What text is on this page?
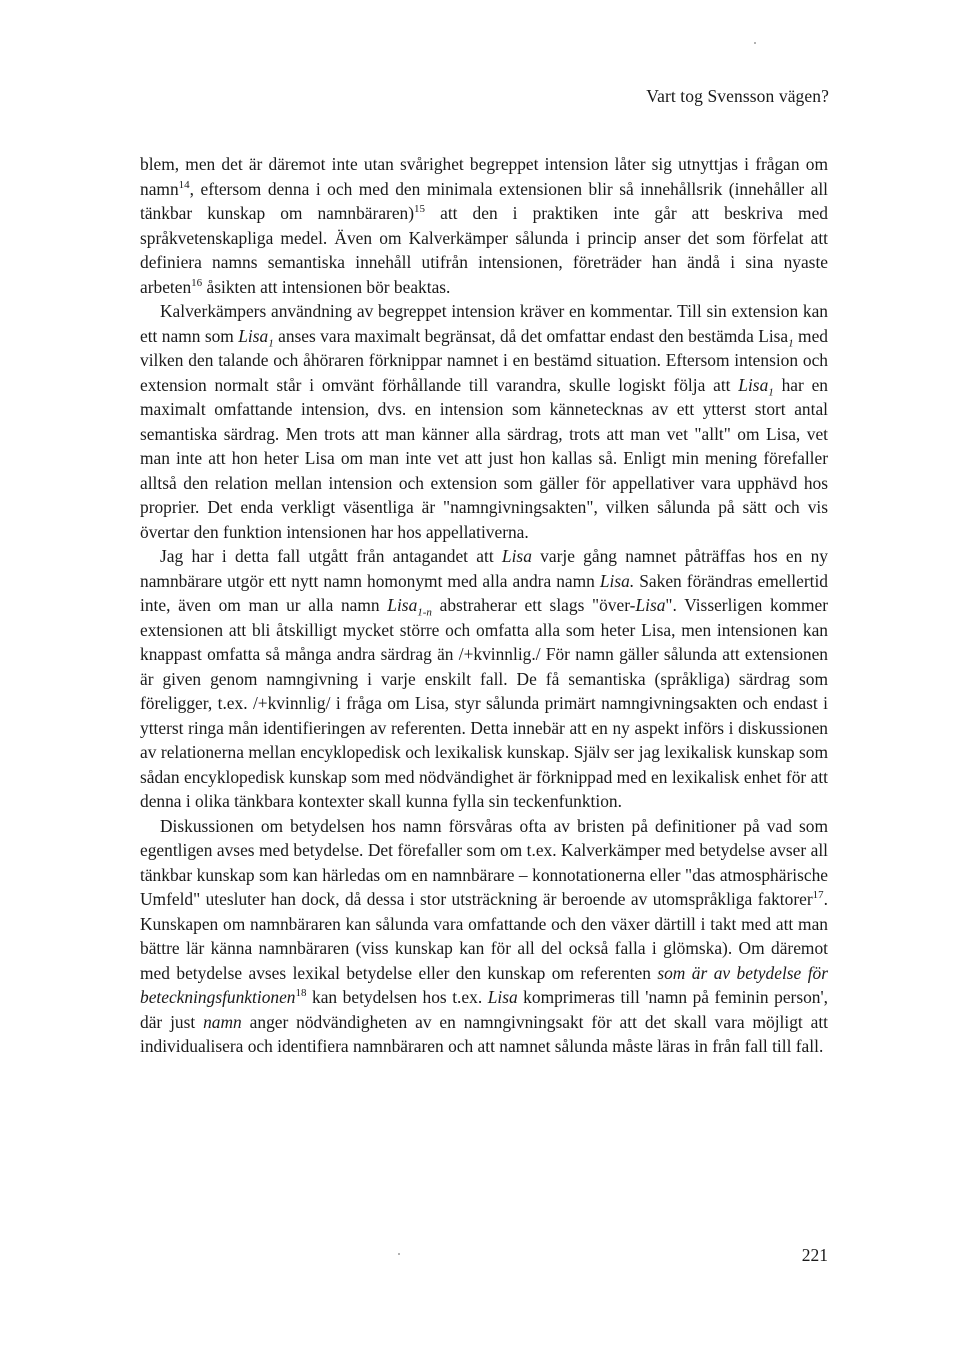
Vart tog Svensson vägen?

blem, men det är däremot inte utan svårighet begreppet intension låter sig utnyttjas i frågan om namn$^{14}$, eftersom denna i och med den minimala extensionen blir så innehållsrik (innehåller all tänkbar kunskap om namnbäraren)$^{15}$ att den i praktiken inte går att beskriva med språkvetenskapliga medel. Även om Kalverkämper sålunda i princip anser det som förfelat att definiera namns semantiska innehåll utifrån intensionen, företräder han ändå i sina nyaste arbeten$^{16}$ åsikten att intensionen bör beaktas.

Kalverkämpers användning av begreppet intension kräver en kommentar. Till sin extension kan ett namn som Lisa$_1$ anses vara maximalt begränsat, då det omfattar endast den bestämda Lisa$_1$ med vilken den talande och åhöraren förknippar namnet i en bestämd situation. Eftersom intension och extension normalt står i omvänt förhållande till varandra, skulle logiskt följa att Lisa$_1$ har en maximalt omfattande intension, dvs. en intension som kännetecknas av ett ytterst stort antal semantiska särdrag. Men trots att man känner alla särdrag, trots att man vet "allt" om Lisa, vet man inte att hon heter Lisa om man inte vet att just hon kallas så. Enligt min mening förefaller alltså den relation mellan intension och extension som gäller för appellativer vara upphävd hos proprier. Det enda verkligt väsentliga är "namngivningsakten", vilken sålunda på sätt och vis övertar den funktion intensionen har hos appellativerna.

Jag har i detta fall utgått från antagandet att Lisa varje gång namnet påträffas hos en ny namnbärare utgör ett nytt namn homonymt med alla andra namn Lisa. Saken förändras emellertid inte, även om man ur alla namn Lisa$_{1-n}$ abstraherar ett slags "över-Lisa". Visserligen kommer extensionen att bli åtskilligt mycket större och omfatta alla som heter Lisa, men intensionen kan knappast omfatta så många andra särdrag än /+kvinnlig./ För namn gäller sålunda att extensionen är given genom namngivning i varje enskilt fall. De få semantiska (språkliga) särdrag som föreligger, t.ex. /+kvinnlig/ i fråga om Lisa, styr sålunda primärt namngivningsakten och endast i ytterst ringa mån identifieringen av referenten. Detta innebär att en ny aspekt införs i diskussionen av relationerna mellan encyklopedisk och lexikalisk kunskap. Själv ser jag lexikalisk kunskap som sådan encyklopedisk kunskap som med nödvändighet är förknippad med en lexikalisk enhet för att denna i olika tänkbara kontexter skall kunna fylla sin teckenfunktion.

Diskussionen om betydelsen hos namn försvåras ofta av bristen på definitioner på vad som egentligen avses med betydelse. Det förefaller som om t.ex. Kalverkämper med betydelse avser all tänkbar kunskap som kan härledas om en namnbärare – konnotationerna eller "das atmosphärische Umfeld" utesluter han dock, då dessa i stor utsträckning är beroende av utomspråkliga faktorer$^{17}$. Kunskapen om namnbäraren kan sålunda vara omfattande och den växer därtill i takt med att man bättre lär känna namnbäraren (viss kunskap kan för all del också falla i glömska). Om däremot med betydelse avses lexikal betydelse eller den kunskap om referenten som är av betydelse för beteckningsfunktionen$^{18}$ kan betydelsen hos t.ex. Lisa komprimeras till 'namn på feminin person', där just namn anger nödvändigheten av en namngivningsakt för att det skall vara möjligt att individualisera och identifiera namnbäraren och att namnet sålunda måste läras in från fall till fall.

221
